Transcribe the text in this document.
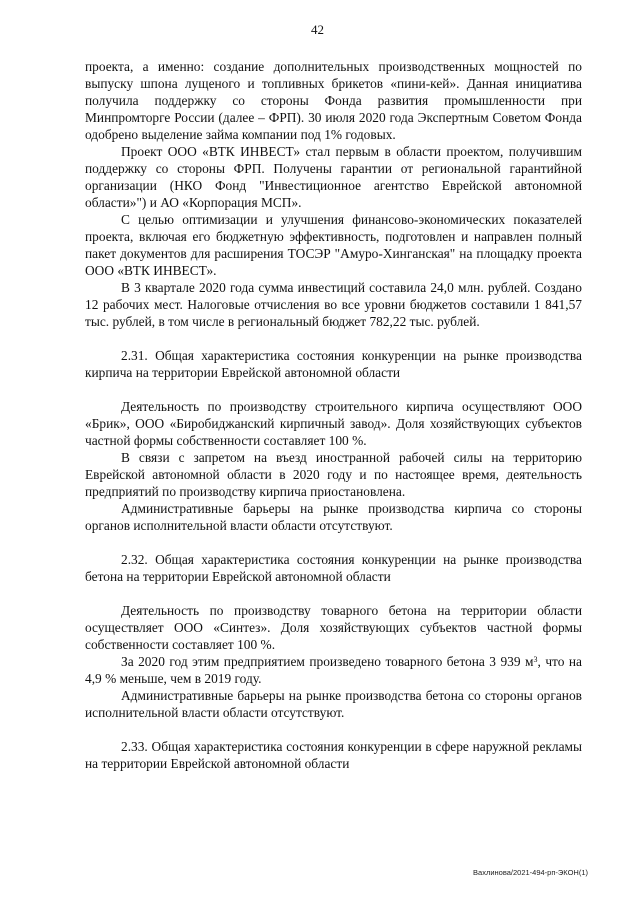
42

проекта, а именно: создание дополнительных производственных мощностей по выпуску шпона лущеного и топливных брикетов «пини-кей». Данная инициатива получила поддержку со стороны Фонда развития промышленности при Минпромторге России (далее – ФРП). 30 июля 2020 года Экспертным Советом Фонда одобрено выделение займа компании под 1% годовых.

Проект ООО «ВТК ИНВЕСТ» стал первым в области проектом, получившим поддержку со стороны ФРП. Получены гарантии от региональной гарантийной организации (НКО Фонд "Инвестиционное агентство Еврейской автономной области»") и АО «Корпорация МСП».

С целью оптимизации и улучшения финансово-экономических показателей проекта, включая его бюджетную эффективность, подготовлен и направлен полный пакет документов для расширения ТОСЭР "Амуро-Хинганская" на площадку проекта ООО «ВТК ИНВЕСТ».

В 3 квартале 2020 года сумма инвестиций составила 24,0 млн. рублей. Создано 12 рабочих мест. Налоговые отчисления во все уровни бюджетов составили 1 841,57 тыс. рублей, в том числе в региональный бюджет 782,22 тыс. рублей.

2.31. Общая характеристика состояния конкуренции на рынке производства кирпича на территории Еврейской автономной области

Деятельность по производству строительного кирпича осуществляют ООО «Брик», ООО «Биробиджанский кирпичный завод». Доля хозяйствующих субъектов частной формы собственности составляет 100 %.

В связи с запретом на въезд иностранной рабочей силы на территорию Еврейской автономной области в 2020 году и по настоящее время, деятельность предприятий по производству кирпича приостановлена.

Административные барьеры на рынке производства кирпича со стороны органов исполнительной власти области отсутствуют.

2.32. Общая характеристика состояния конкуренции на рынке производства бетона на территории Еврейской автономной области

Деятельность по производству товарного бетона на территории области осуществляет ООО «Синтез». Доля хозяйствующих субъектов частной формы собственности составляет 100 %.

За 2020 год этим предприятием произведено товарного бетона 3 939 $м^3$, что на 4,9 % меньше, чем в 2019 году.

Административные барьеры на рынке производства бетона со стороны органов исполнительной власти области отсутствуют.

2.33. Общая характеристика состояния конкуренции в сфере наружной рекламы на территории Еврейской автономной области

Вахлинова/2021-494-рп-ЭКОН(1)
